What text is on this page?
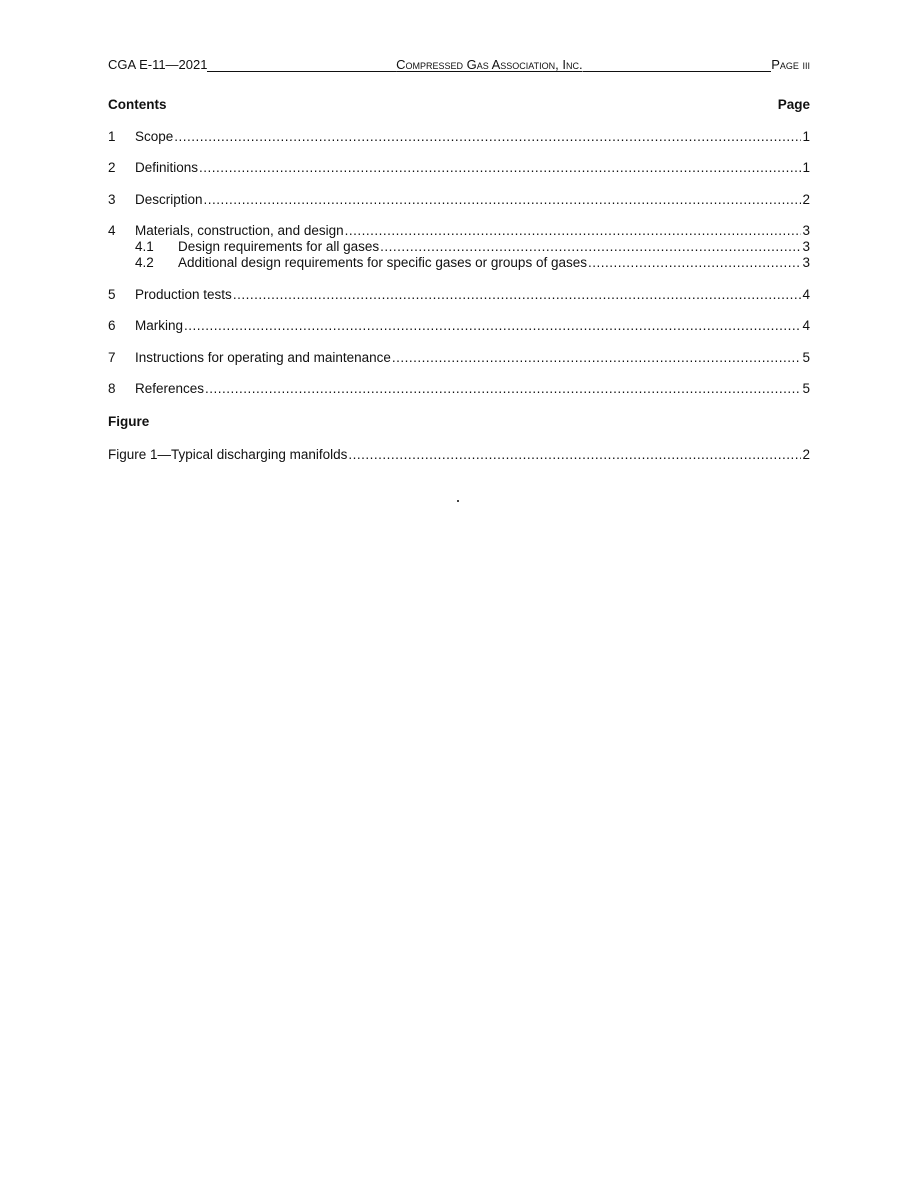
CGA E-11—2021	Compressed Gas Association, Inc.	Page iii
Contents	Page
1	Scope .....	1
2	Definitions .....	1
3	Description .....	2
4	Materials, construction, and design .....	3
4.1	Design requirements for all gases .....	3
4.2	Additional design requirements for specific gases or groups of gases .....	3
5	Production tests .....	4
6	Marking .....	4
7	Instructions for operating and maintenance .....	5
8	References .....	5
Figure
Figure 1—Typical discharging manifolds .....	2
